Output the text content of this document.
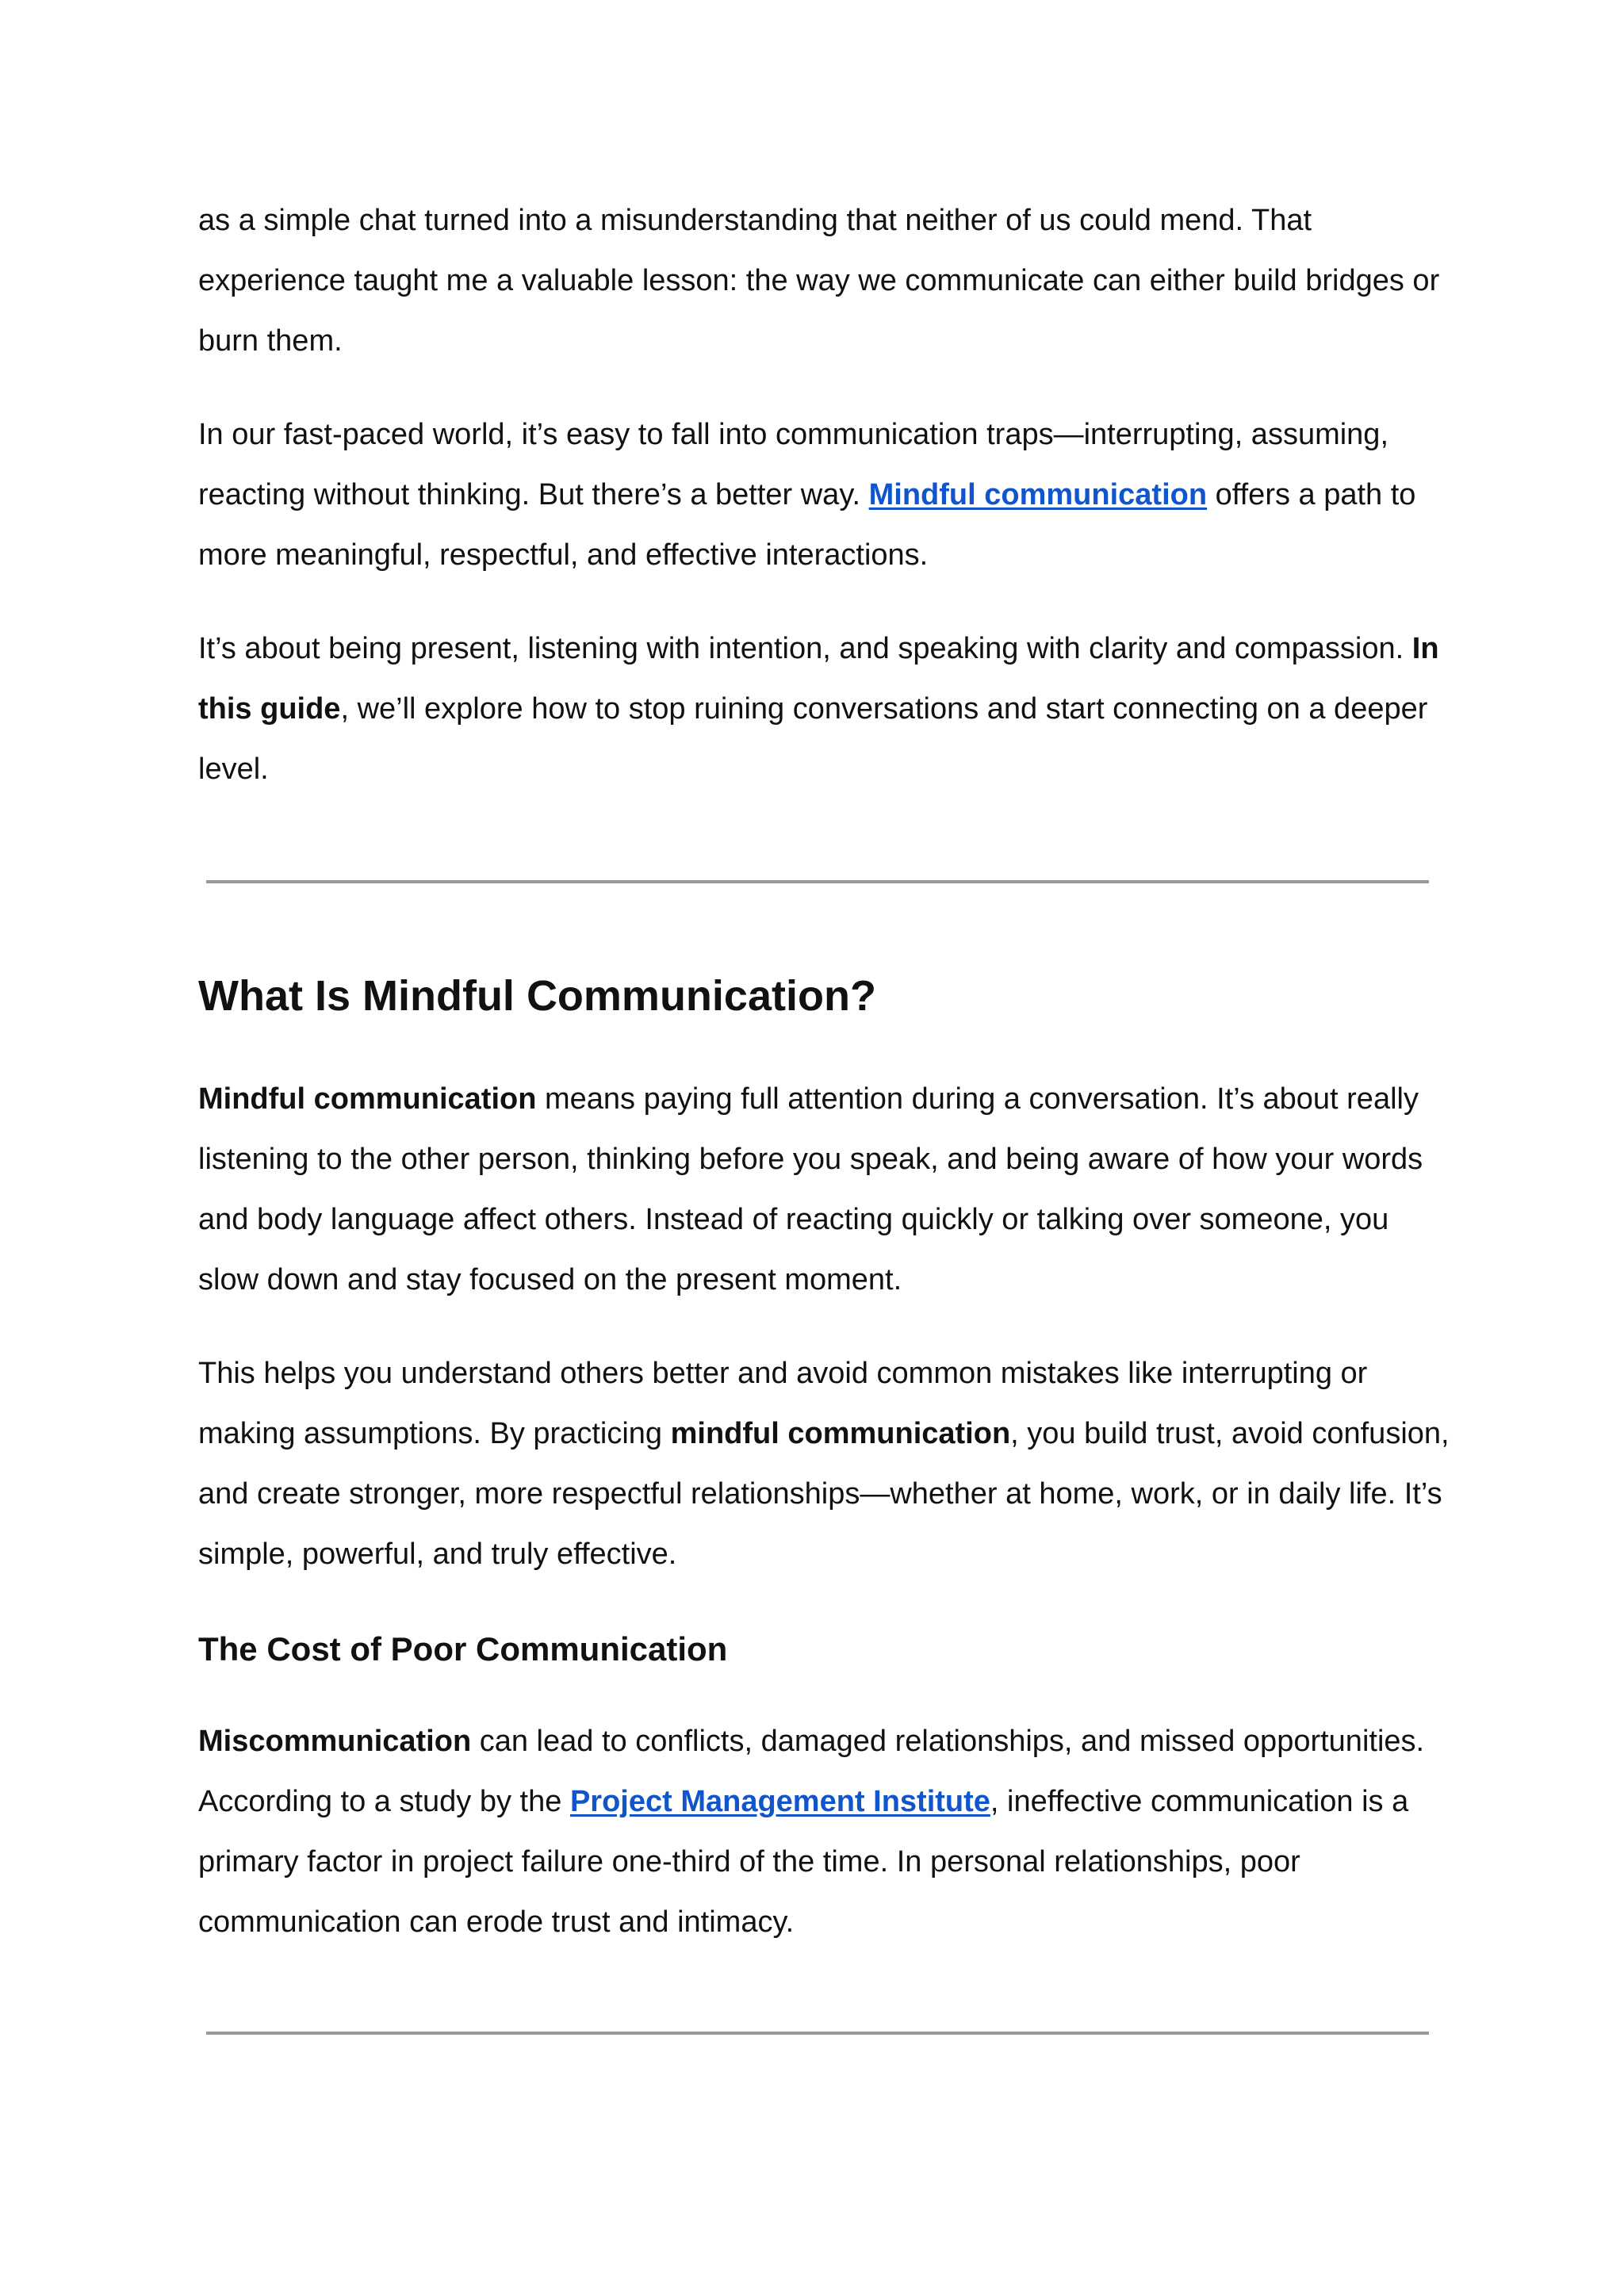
as a simple chat turned into a misunderstanding that neither of us could mend. That experience taught me a valuable lesson: the way we communicate can either build bridges or burn them.

In our fast-paced world, it’s easy to fall into communication traps—interrupting, assuming, reacting without thinking. But there’s a better way. Mindful communication offers a path to more meaningful, respectful, and effective interactions.

It’s about being present, listening with intention, and speaking with clarity and compassion. In this guide, we’ll explore how to stop ruining conversations and start connecting on a deeper level.

What Is Mindful Communication?

Mindful communication means paying full attention during a conversation. It’s about really listening to the other person, thinking before you speak, and being aware of how your words and body language affect others. Instead of reacting quickly or talking over someone, you slow down and stay focused on the present moment.

This helps you understand others better and avoid common mistakes like interrupting or making assumptions. By practicing mindful communication, you build trust, avoid confusion, and create stronger, more respectful relationships—whether at home, work, or in daily life. It’s simple, powerful, and truly effective.

The Cost of Poor Communication

Miscommunication can lead to conflicts, damaged relationships, and missed opportunities. According to a study by the Project Management Institute, ineffective communication is a primary factor in project failure one-third of the time. In personal relationships, poor communication can erode trust and intimacy.
